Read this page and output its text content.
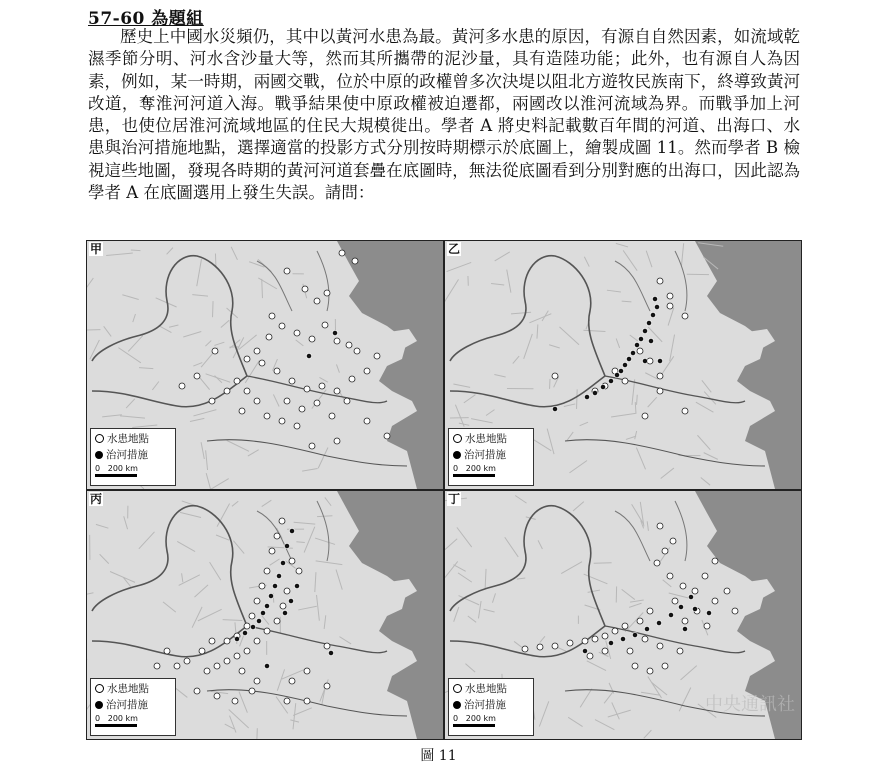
57-60 為題組

歷史上中國水災頻仍，其中以黃河水患為最。黃河多水患的原因，有源自自然因素，如流域乾濕季節分明、河水含沙量大等，然而其所攜帶的泥沙量，具有造陸功能；此外，也有源自人為因素，例如，某一時期，兩國交戰，位於中原的政權曾多次決堤以阻北方遊牧民族南下，終導致黃河改道，奪淮河河道入海。戰爭結果使中原政權被迫遷都，兩國改以淮河流域為界。而戰爭加上河患，也使位居淮河流域地區的住民大規模徙出。學者 A 將史料記載數百年間的河道、出海口、水患與治河措施地點，選擇適當的投影方式分別按時期標示於底圖上，繪製成圖 11。然而學者 B 檢視這些地圖，發現各時期的黃河河道套疊在底圖時，無法從底圖看到分別對應的出海口，因此認為學者 A 在底圖選用上發生失誤。請問：

甲
水患地點
治河措施
0 200 km
乙
水患地點
治河措施
0 200 km
丙
水患地點
治河措施
0 200 km
丁
水患地點
治河措施
0 200 km
圖 11
中央通訊社
